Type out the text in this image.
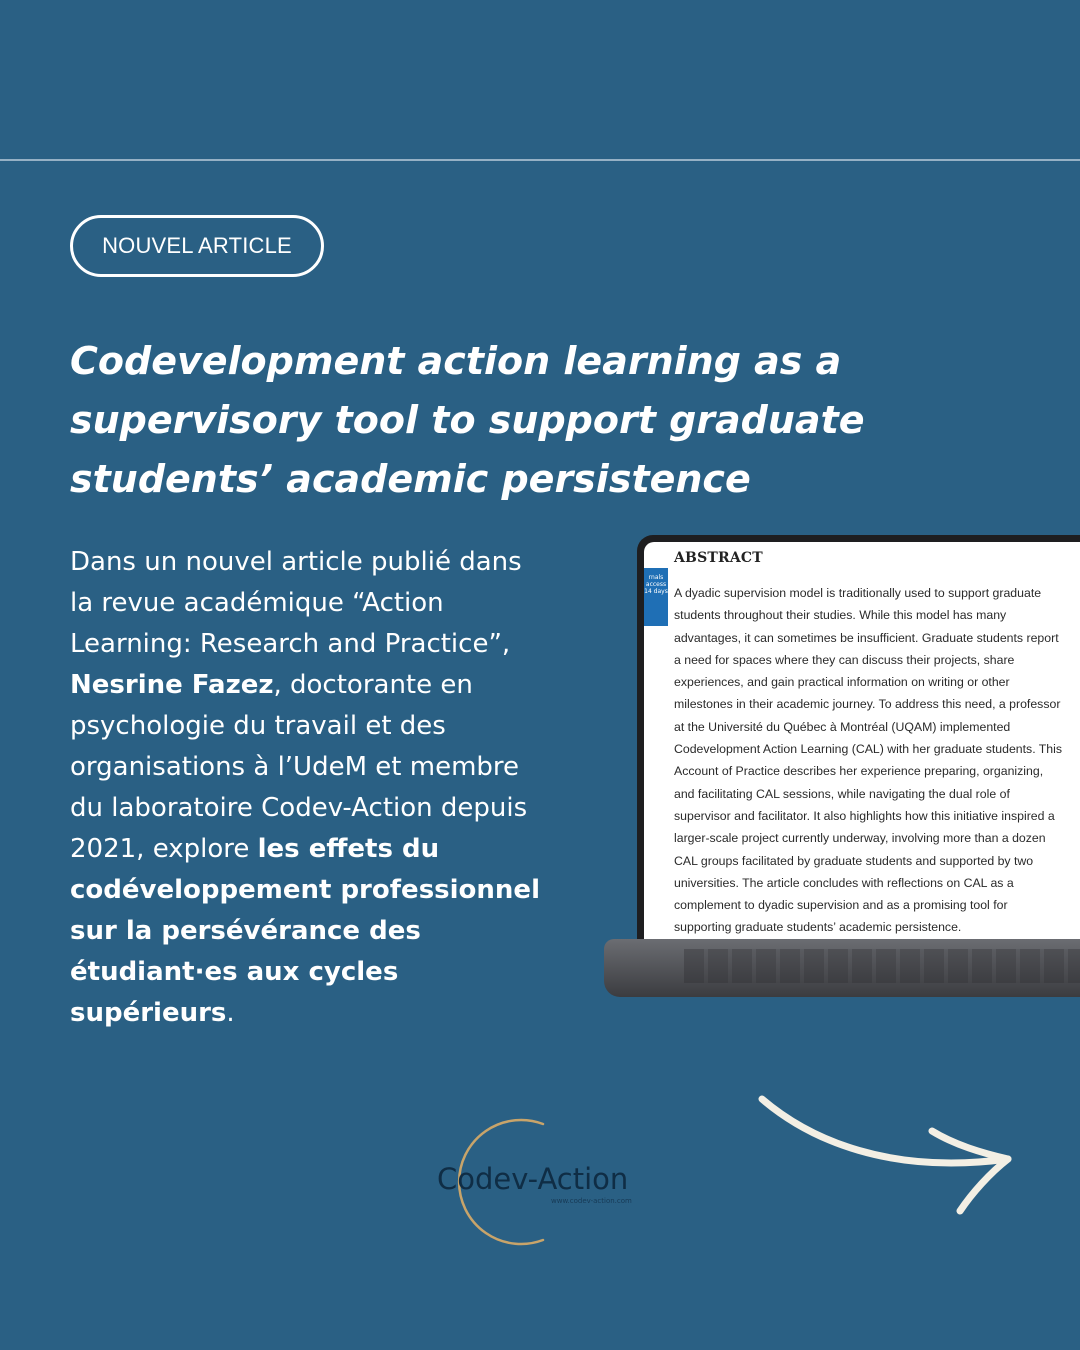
NOUVEL ARTICLE
Codevelopment action learning as a supervisory tool to support graduate students’ academic persistence

Dans un nouvel article publié dans la revue académique “Action Learning: Research and Practice”, Nesrine Fazez, doctorante en psychologie du travail et des organisations à l’UdeM et membre du laboratoire Codev-Action depuis 2021, explore les effets du codéveloppement professionnel sur la persévérance des étudiant·es aux cycles supérieurs.

rnals
access
14 days
ABSTRACT

A dyadic supervision model is traditionally used to support graduate students throughout their studies. While this model has many advantages, it can sometimes be insufficient. Graduate students report a need for spaces where they can discuss their projects, share experiences, and gain practical information on writing or other milestones in their academic journey. To address this need, a professor at the Université du Québec à Montréal (UQAM) implemented Codevelopment Action Learning (CAL) with her graduate students. This Account of Practice describes her experience preparing, organizing, and facilitating CAL sessions, while navigating the dual role of supervisor and facilitator. It also highlights how this initiative inspired a larger-scale project currently underway, involving more than a dozen CAL groups facilitated by graduate students and supported by two universities. The article concludes with reflections on CAL as a complement to dyadic supervision and as a promising tool for supporting graduate students’ academic persistence.

Codev-Action
www.codev-action.com
